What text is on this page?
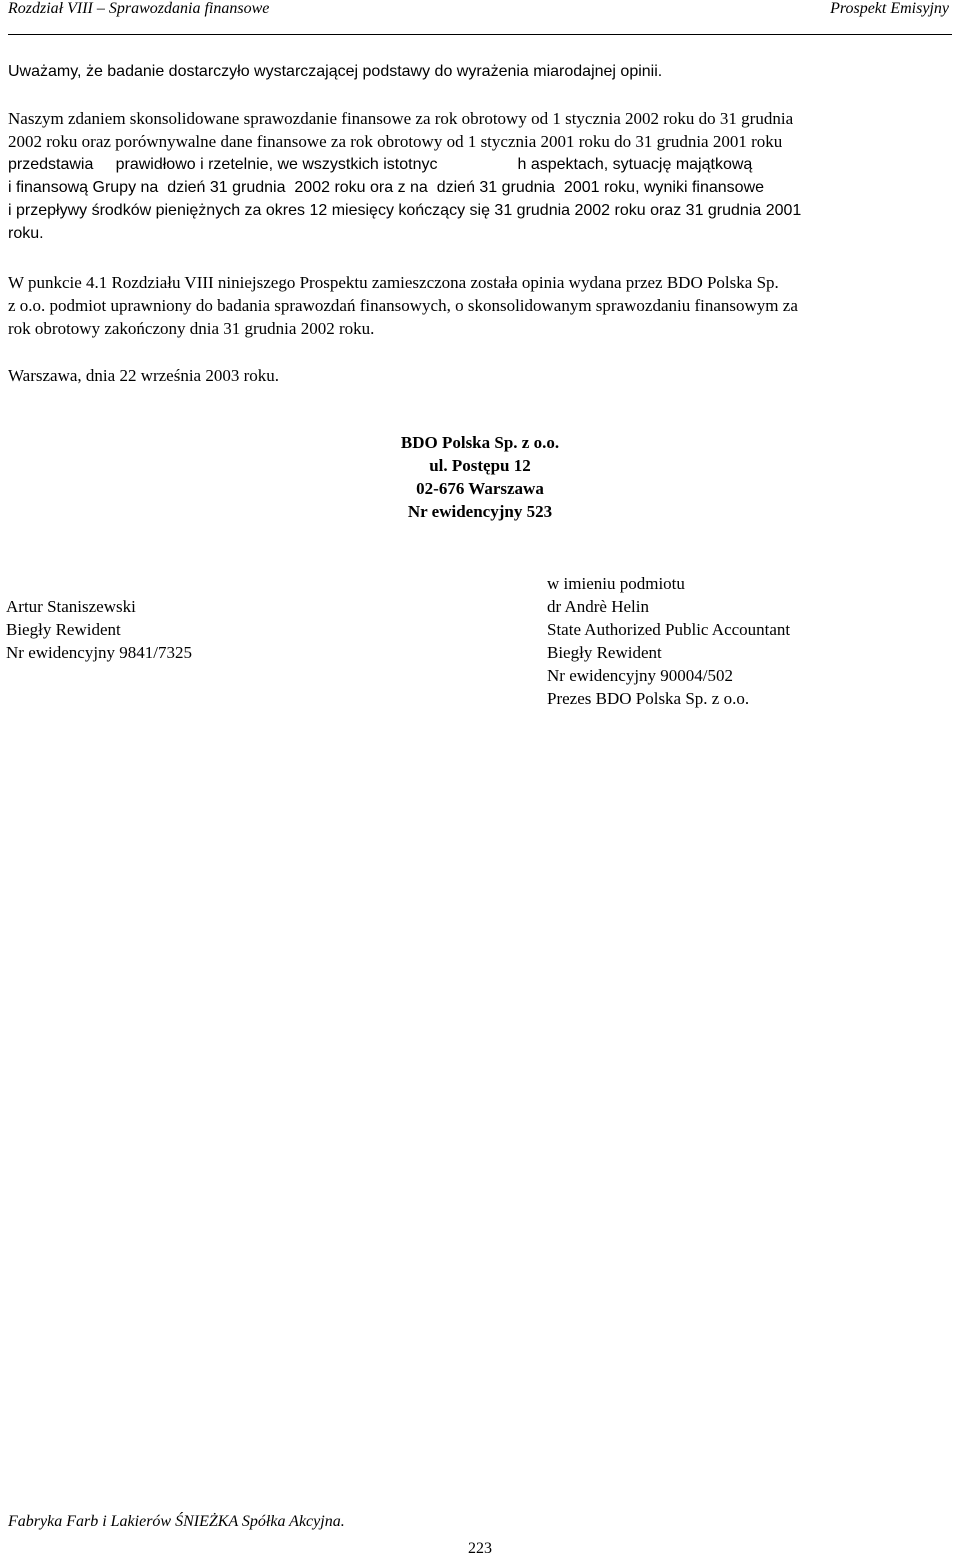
Rozdział VIII – Sprawozdania finansowe	Prospekt Emisyjny

Uważamy, że badanie dostarczyło wystarczającej podstawy do wyrażenia miarodajnej opinii.

Naszym zdaniem skonsolidowane sprawozdanie finansowe za rok obrotowy od 1 stycznia 2002 roku do 31 grudnia
2002 roku oraz porównywalne dane finansowe za rok obrotowy od 1 stycznia 2001 roku do 31 grudnia 2001 roku
przedstawia     prawidłowo i rzetelnie, we wszystkich istotnyc                  h aspektach, sytuację majątkową
i finansową Grupy na  dzień 31 grudnia  2002 roku ora z na  dzień 31 grudnia  2001 roku, wyniki finansowe
i przepływy środków pieniężnych za okres 12 miesięcy kończący się 31 grudnia 2002 roku oraz 31 grudnia 2001
roku.
W punkcie 4.1 Rozdziału VIII niniejszego Prospektu zamieszczona została opinia wydana przez BDO Polska Sp.
z o.o. podmiot uprawniony do badania sprawozdań finansowych, o skonsolidowanym sprawozdaniu finansowym za
rok obrotowy zakończony dnia 31 grudnia 2002 roku.

Warszawa, dnia 22 września 2003 roku.

BDO Polska Sp. z o.o.
ul. Postępu 12
02-676 Warszawa
Nr ewidencyjny 523
Artur Staniszewski
Biegły Rewident
Nr ewidencyjny 9841/7325
w imieniu podmiotu
dr Andrè Helin
State Authorized Public Accountant
Biegły Rewident
Nr ewidencyjny 90004/502
Prezes BDO Polska Sp. z o.o.
Fabryka Farb i Lakierów ŚNIEŻKA Spółka Akcyjna.
223
